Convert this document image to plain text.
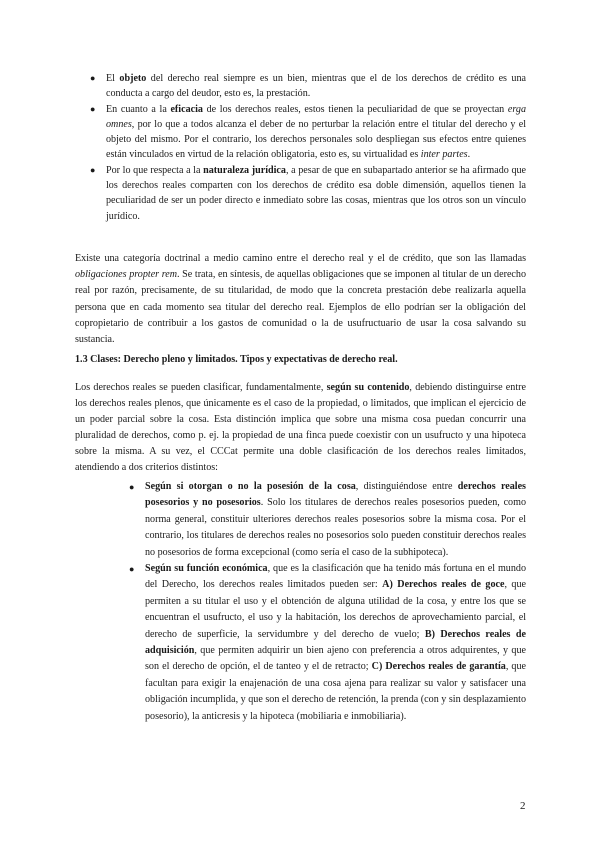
● El objeto del derecho real siempre es un bien, mientras que el de los derechos de crédito es una conducta a cargo del deudor, esto es, la prestación.
● En cuanto a la eficacia de los derechos reales, estos tienen la peculiaridad de que se proyectan erga omnes, por lo que a todos alcanza el deber de no perturbar la relación entre el titular del derecho y el objeto del mismo. Por el contrario, los derechos personales solo despliegan sus efectos entre quienes están vinculados en virtud de la relación obligatoria, esto es, su virtualidad es inter partes.
● Por lo que respecta a la naturaleza jurídica, a pesar de que en subapartado anterior se ha afirmado que los derechos reales comparten con los derechos de crédito esa doble dimensión, aquellos tienen la peculiaridad de ser un poder directo e inmediato sobre las cosas, mientras que los otros son un vínculo jurídico.

Existe una categoría doctrinal a medio camino entre el derecho real y el de crédito, que son las llamadas obligaciones propter rem. Se trata, en síntesis, de aquellas obligaciones que se imponen al titular de un derecho real por razón, precisamente, de su titularidad, de modo que la concreta prestación debe realizarla aquella persona que en cada momento sea titular del derecho real. Ejemplos de ello podrían ser la obligación del copropietario de contribuir a los gastos de comunidad o la de usufructuario de usar la cosa salvando su sustancia.

1.3 Clases: Derecho pleno y limitados. Tipos y expectativas de derecho real.

Los derechos reales se pueden clasificar, fundamentalmente, según su contenido, debiendo distinguirse entre los derechos reales plenos, que únicamente es el caso de la propiedad, o limitados, que implican el ejercicio de un poder parcial sobre la cosa. Esta distinción implica que sobre una misma cosa puedan concurrir una pluralidad de derechos, como p. ej. la propiedad de una finca puede coexistir con un usufructo y una hipoteca sobre la misma. A su vez, el CCCat permite una doble clasificación de los derechos reales limitados, atendiendo a dos criterios distintos:

● Según si otorgan o no la posesión de la cosa, distinguiéndose entre derechos reales posesorios y no posesorios. Solo los titulares de derechos reales posesorios pueden, como norma general, constituir ulteriores derechos reales posesorios sobre la misma cosa. Por el contrario, los titulares de derechos reales no posesorios solo pueden constituir derechos reales no posesorios de forma excepcional (como sería el caso de la subhipoteca).
● Según su función económica, que es la clasificación que ha tenido más fortuna en el mundo del Derecho, los derechos reales limitados pueden ser: A) Derechos reales de goce, que permiten a su titular el uso y el obtención de alguna utilidad de la cosa, y entre los que se encuentran el usufructo, el uso y la habitación, los derechos de aprovechamiento parcial, el derecho de superficie, la servidumbre y del derecho de vuelo; B) Derechos reales de adquisición, que permiten adquirir un bien ajeno con preferencia a otros adquirentes, y que son el derecho de opción, el de tanteo y el de retracto; C) Derechos reales de garantía, que facultan para exigir la enajenación de una cosa ajena para realizar su valor y satisfacer una obligación incumplida, y que son el derecho de retención, la prenda (con y sin desplazamiento posesorio), la anticresis y la hipoteca (mobiliaria e inmobiliaria).
2
